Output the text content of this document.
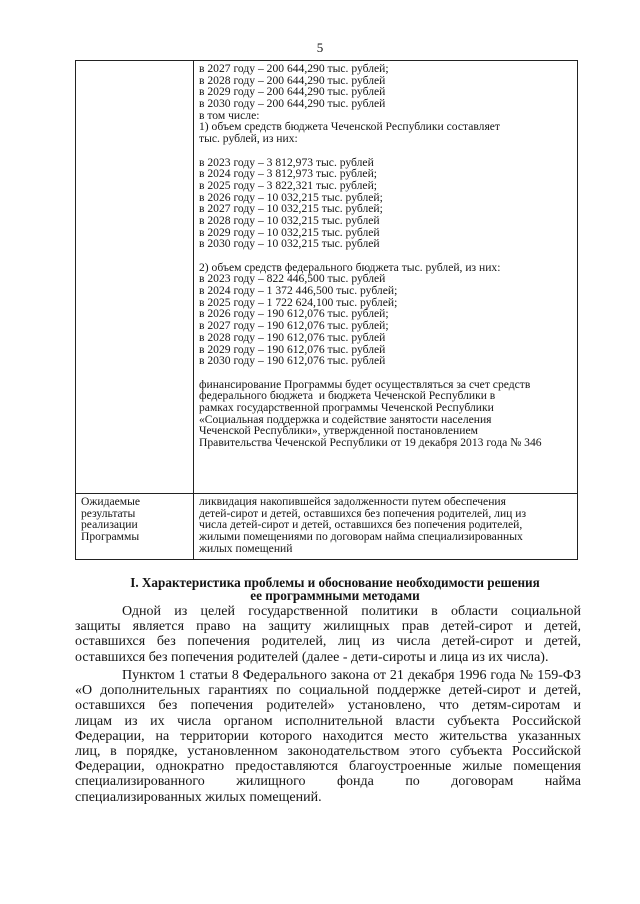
5
в 2027 году – 200 644,290 тыс. рублей;
в 2028 году – 200 644,290 тыс. рублей
в 2029 году – 200 644,290 тыс. рублей
в 2030 году – 200 644,290 тыс. рублей
в том числе:
1) объем средств бюджета Чеченской Республики составляет
тыс. рублей, из них:
в 2023 году – 3 812,973 тыс. рублей
в 2024 году – 3 812,973 тыс. рублей;
в 2025 году – 3 822,321 тыс. рублей;
в 2026 году – 10 032,215 тыс. рублей;
в 2027 году – 10 032,215 тыс. рублей;
в 2028 году – 10 032,215 тыс. рублей
в 2029 году – 10 032,215 тыс. рублей
в 2030 году – 10 032,215 тыс. рублей
2) объем средств федерального бюджета тыс. рублей, из них:
в 2023 году – 822 446,500 тыс. рублей
в 2024 году – 1 372 446,500 тыс. рублей;
в 2025 году – 1 722 624,100 тыс. рублей;
в 2026 году – 190 612,076 тыс. рублей;
в 2027 году – 190 612,076 тыс. рублей;
в 2028 году – 190 612,076 тыс. рублей
в 2029 году – 190 612,076 тыс. рублей
в 2030 году – 190 612,076 тыс. рублей
финансирование Программы будет осуществляться за счет средств
федерального бюджета  и бюджета Чеченской Республики в
рамках государственной программы Чеченской Республики
«Социальная поддержка и содействие занятости населения
Чеченской Республики», утвержденной постановлением
Правительства Чеченской Республики от 19 декабря 2013 года № 346
Ожидаемые
результаты
реализации
Программы
ликвидация накопившейся задолженности путем обеспечения
детей-сирот и детей, оставшихся без попечения родителей, лиц из
числа детей-сирот и детей, оставшихся без попечения родителей,
жилыми помещениями по договорам найма специализированных
жилых помещений
I. Характеристика проблемы и обоснование необходимости решения
ее программными методами
Одной из целей государственной политики в области социальной
защиты является право на защиту жилищных прав детей-сирот и детей,
оставшихся без попечения родителей, лиц из числа детей-сирот и детей,
оставшихся без попечения родителей (далее - дети-сироты и лица из их числа).
Пунктом 1 статьи 8 Федерального закона от 21 декабря 1996 года № 159-ФЗ
«О дополнительных гарантиях по социальной поддержке детей-сирот и детей,
оставшихся без попечения родителей» установлено, что детям-сиротам и
лицам из их числа органом исполнительной власти субъекта Российской
Федерации, на территории которого находится место жительства указанных
лиц, в порядке, установленном законодательством этого субъекта Российской
Федерации, однократно предоставляются благоустроенные жилые помещения
специализированного жилищного фонда по договорам найма
специализированных жилых помещений.
